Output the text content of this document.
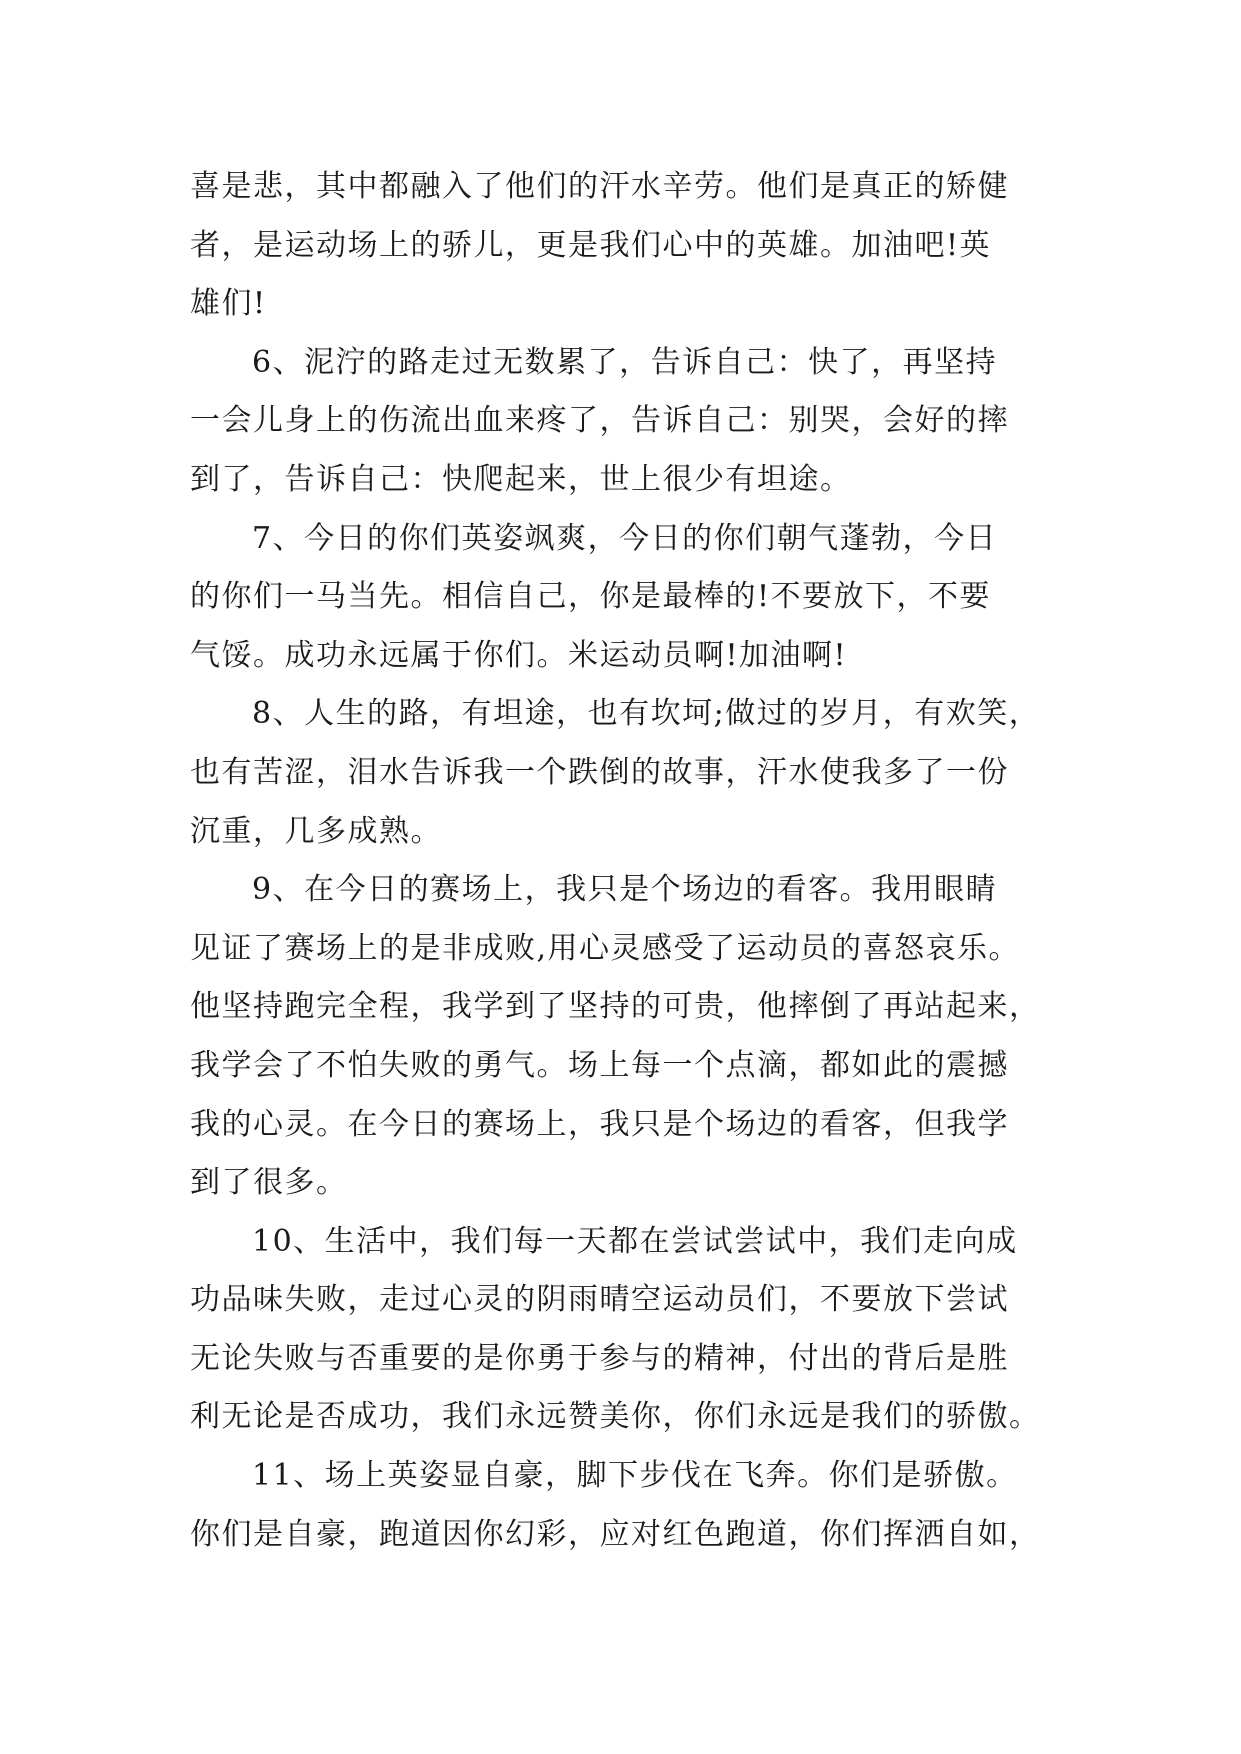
喜是悲，其中都融入了他们的汗水辛劳。他们是真正的矫健
者，是运动场上的骄儿，更是我们心中的英雄。加油吧!英
雄们!
6、泥泞的路走过无数累了，告诉自己：快了，再坚持
一会儿身上的伤流出血来疼了，告诉自己：别哭，会好的摔
到了，告诉自己：快爬起来，世上很少有坦途。
7、今日的你们英姿飒爽，今日的你们朝气蓬勃，今日
的你们一马当先。相信自己，你是最棒的!不要放下，不要
气馁。成功永远属于你们。米运动员啊!加油啊!
8、人生的路，有坦途，也有坎坷;做过的岁月，有欢笑，
也有苦涩，泪水告诉我一个跌倒的故事，汗水使我多了一份
沉重，几多成熟。
9、在今日的赛场上，我只是个场边的看客。我用眼睛
见证了赛场上的是非成败,用心灵感受了运动员的喜怒哀乐。
他坚持跑完全程，我学到了坚持的可贵，他摔倒了再站起来，
我学会了不怕失败的勇气。场上每一个点滴，都如此的震撼
我的心灵。在今日的赛场上，我只是个场边的看客，但我学
到了很多。
10、生活中，我们每一天都在尝试尝试中，我们走向成
功品味失败，走过心灵的阴雨晴空运动员们，不要放下尝试
无论失败与否重要的是你勇于参与的精神，付出的背后是胜
利无论是否成功，我们永远赞美你，你们永远是我们的骄傲。
11、场上英姿显自豪，脚下步伐在飞奔。你们是骄傲。
你们是自豪，跑道因你幻彩，应对红色跑道，你们挥洒自如，
